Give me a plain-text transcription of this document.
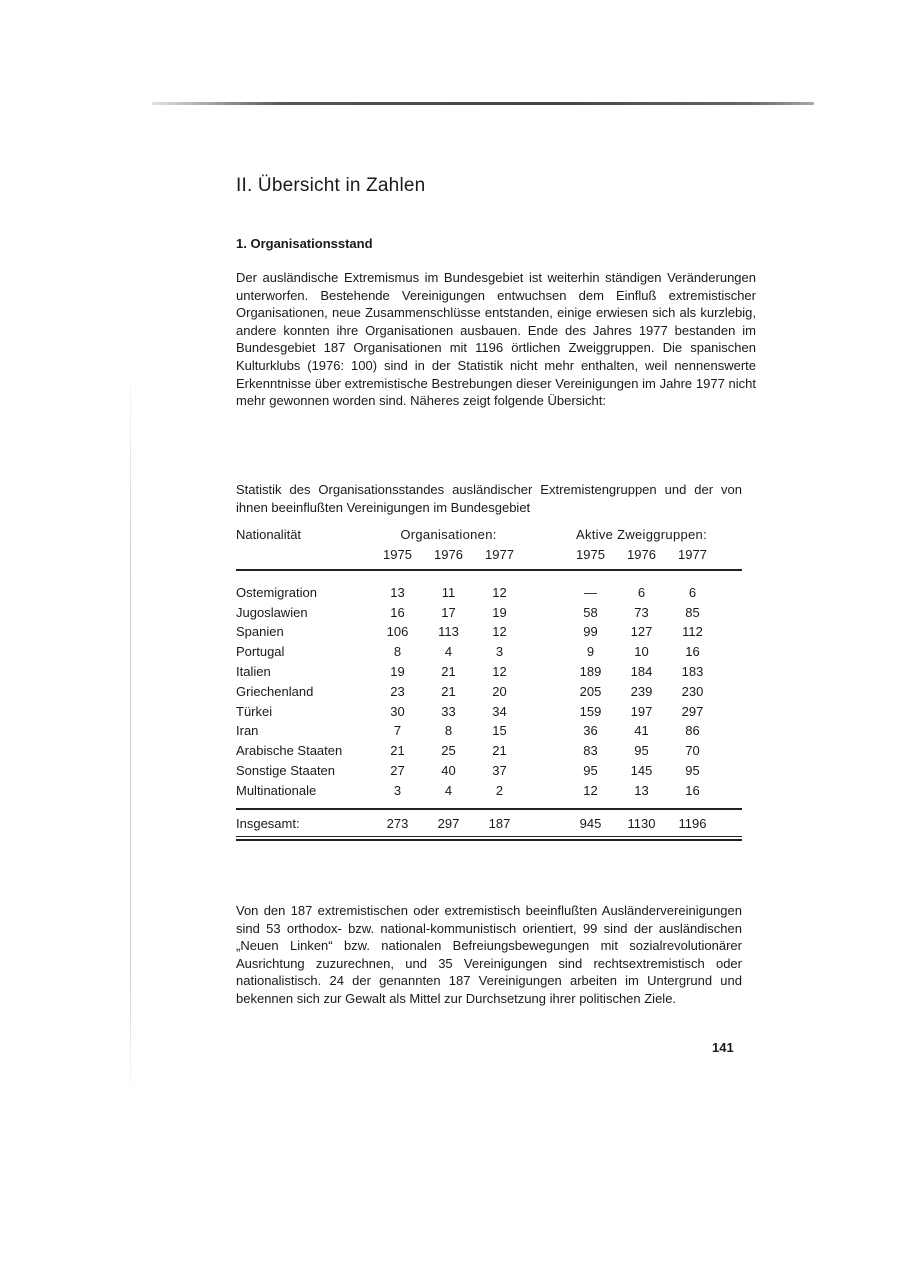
II. Übersicht in Zahlen
1. Organisationsstand

Der ausländische Extremismus im Bundesgebiet ist weiterhin ständigen Veränderungen unterworfen. Bestehende Vereinigungen entwuchsen dem Einfluß extremistischer Organisationen, neue Zusammenschlüsse entstanden, einige erwiesen sich als kurzlebig, andere konnten ihre Organisationen ausbauen. Ende des Jahres 1977 bestanden im Bundesgebiet 187 Organisationen mit 1196 örtlichen Zweiggruppen. Die spanischen Kulturklubs (1976: 100) sind in der Statistik nicht mehr enthalten, weil nennenswerte Erkenntnisse über extremistische Bestrebungen dieser Vereinigungen im Jahre 1977 nicht mehr gewonnen worden sind. Näheres zeigt folgende Übersicht:

Statistik des Organisationsstandes ausländischer Extremistengruppen und der von ihnen beeinflußten Vereinigungen im Bundesgebiet

Nationalität	Organisationen:	Aktive Zweiggruppen:
1975	1976	1977	1975	1976	1977
Ostemigration	13	11	12	—	6	6
Jugoslawien	16	17	19	58	73	85
Spanien	106	113	12	99	127	112
Portugal	8	4	3	9	10	16
Italien	19	21	12	189	184	183
Griechenland	23	21	20	205	239	230
Türkei	30	33	34	159	197	297
Iran	7	8	15	36	41	86
Arabische Staaten	21	25	21	83	95	70
Sonstige Staaten	27	40	37	95	145	95
Multinationale	3	4	2	12	13	16
Insgesamt:	273	297	187	945	1130	1196

Von den 187 extremistischen oder extremistisch beeinflußten Ausländervereinigungen sind 53 orthodox- bzw. national-kommunistisch orientiert, 99 sind der ausländischen „Neuen Linken“ bzw. nationalen Befreiungsbewegungen mit sozialrevolutionärer Ausrichtung zuzurechnen, und 35 Vereinigungen sind rechtsextremistisch oder nationalistisch. 24 der genannten 187 Vereinigungen arbeiten im Untergrund und bekennen sich zur Gewalt als Mittel zur Durchsetzung ihrer politischen Ziele.

141
